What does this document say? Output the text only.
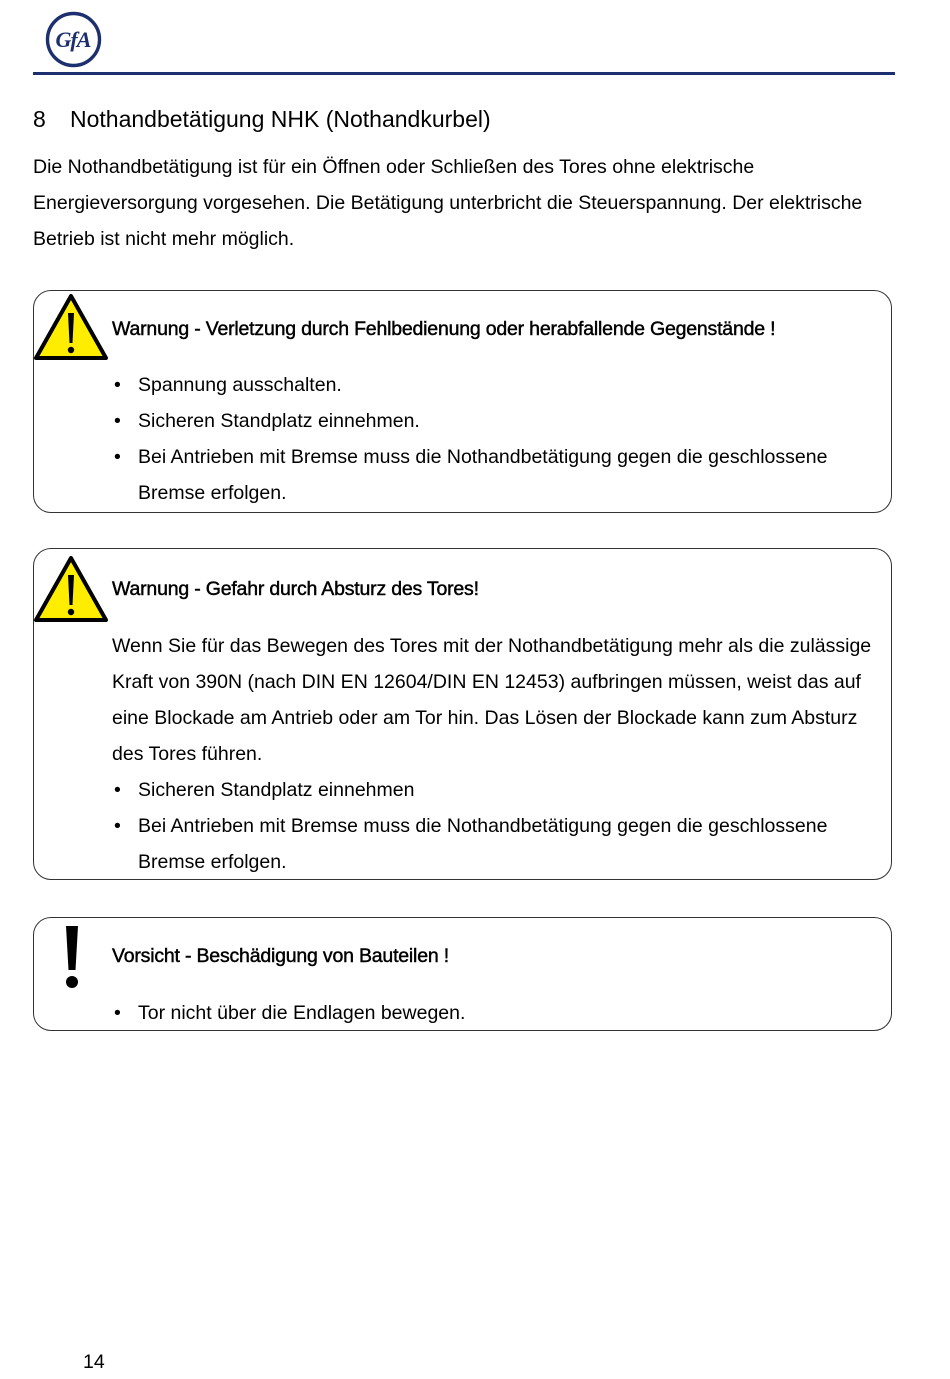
GfA
8 Nothandbetätigung NHK (Nothandkurbel)

Die Nothandbetätigung ist für ein Öffnen oder Schließen des Tores ohne elektrische Energieversorgung vorgesehen. Die Betätigung unterbricht die Steuerspannung. Der elektrische Betrieb ist nicht mehr möglich.

Warnung - Verletzung durch Fehlbedienung oder herabfallende Gegenstände !
• Spannung ausschalten.
• Sicheren Standplatz einnehmen.
• Bei Antrieben mit Bremse muss die Nothandbetätigung gegen die geschlossene Bremse erfolgen.
Warnung - Gefahr durch Absturz des Tores!

Wenn Sie für das Bewegen des Tores mit der Nothandbetätigung mehr als die zulässige Kraft von 390N (nach DIN EN 12604/DIN EN 12453) aufbringen müssen, weist das auf eine Blockade am Antrieb oder am Tor hin. Das Lösen der Blockade kann zum Absturz des Tores führen.

• Sicheren Standplatz einnehmen
• Bei Antrieben mit Bremse muss die Nothandbetätigung gegen die geschlossene Bremse erfolgen.
Vorsicht - Beschädigung von Bauteilen !
• Tor nicht über die Endlagen bewegen.
14
